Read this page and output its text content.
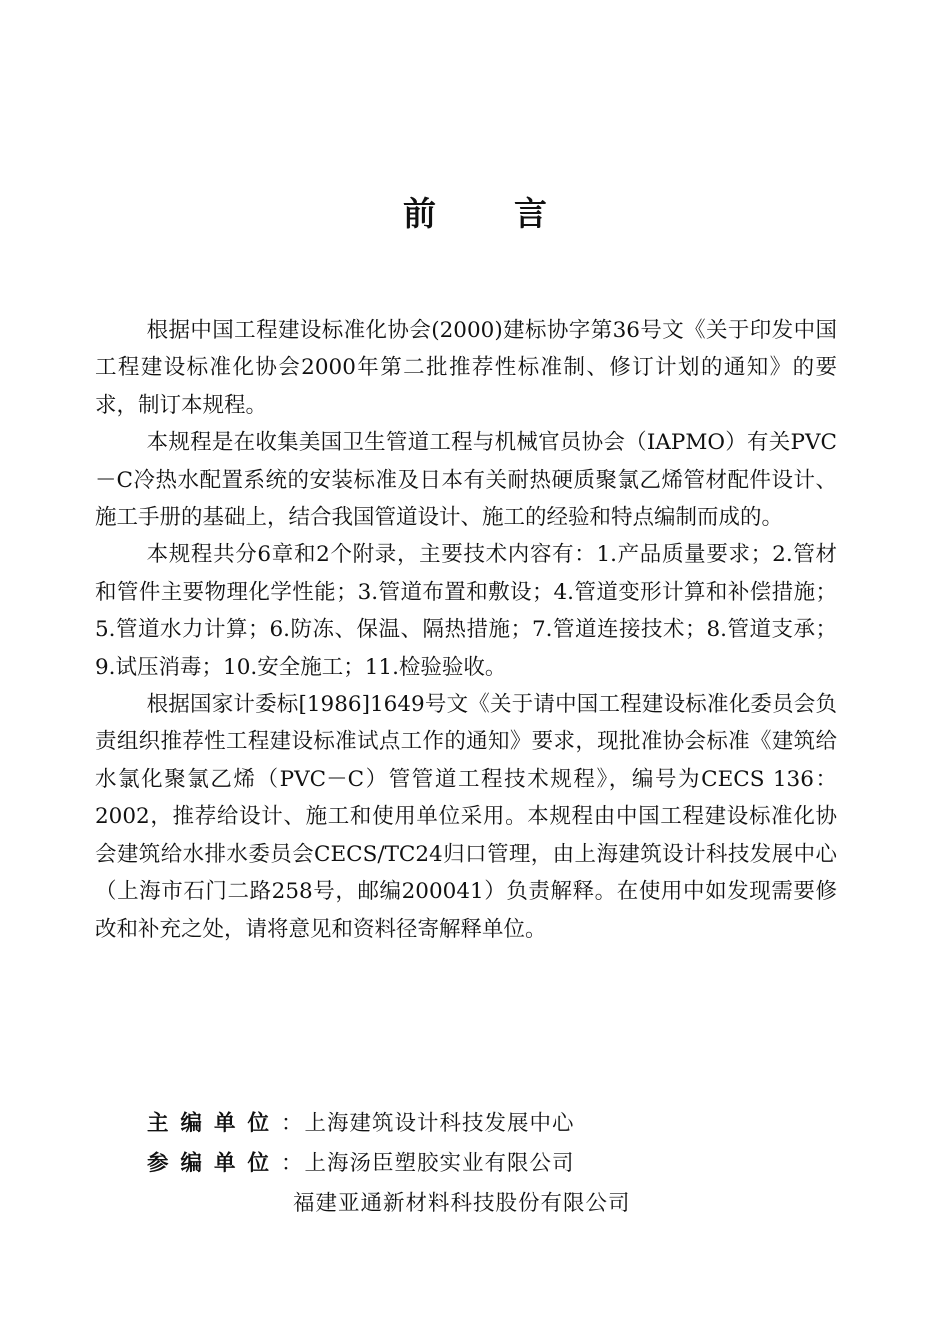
前言

根据中国工程建设标准化协会(2000)建标协字第36号文《关于印发中国工程建设标准化协会2000年第二批推荐性标准制、修订计划的通知》的要求，制订本规程。

本规程是在收集美国卫生管道工程与机械官员协会（IAPMO）有关PVC－C冷热水配置系统的安装标准及日本有关耐热硬质聚氯乙烯管材配件设计、施工手册的基础上，结合我国管道设计、施工的经验和特点编制而成的。

本规程共分6章和2个附录，主要技术内容有：1.产品质量要求；2.管材和管件主要物理化学性能；3.管道布置和敷设；4.管道变形计算和补偿措施；5.管道水力计算；6.防冻、保温、隔热措施；7.管道连接技术；8.管道支承；9.试压消毒；10.安全施工；11.检验验收。

根据国家计委标[1986]1649号文《关于请中国工程建设标准化委员会负责组织推荐性工程建设标准试点工作的通知》要求，现批准协会标准《建筑给水氯化聚氯乙烯（PVC－C）管管道工程技术规程》，编号为CECS 136：2002，推荐给设计、施工和使用单位采用。本规程由中国工程建设标准化协会建筑给水排水委员会CECS/TC24归口管理，由上海建筑设计科技发展中心（上海市石门二路258号，邮编200041）负责解释。在使用中如发现需要修改和补充之处，请将意见和资料径寄解释单位。

主编单位 ： 上海建筑设计科技发展中心
参编单位 ： 上海汤臣塑胶实业有限公司
福建亚通新材料科技股份有限公司
